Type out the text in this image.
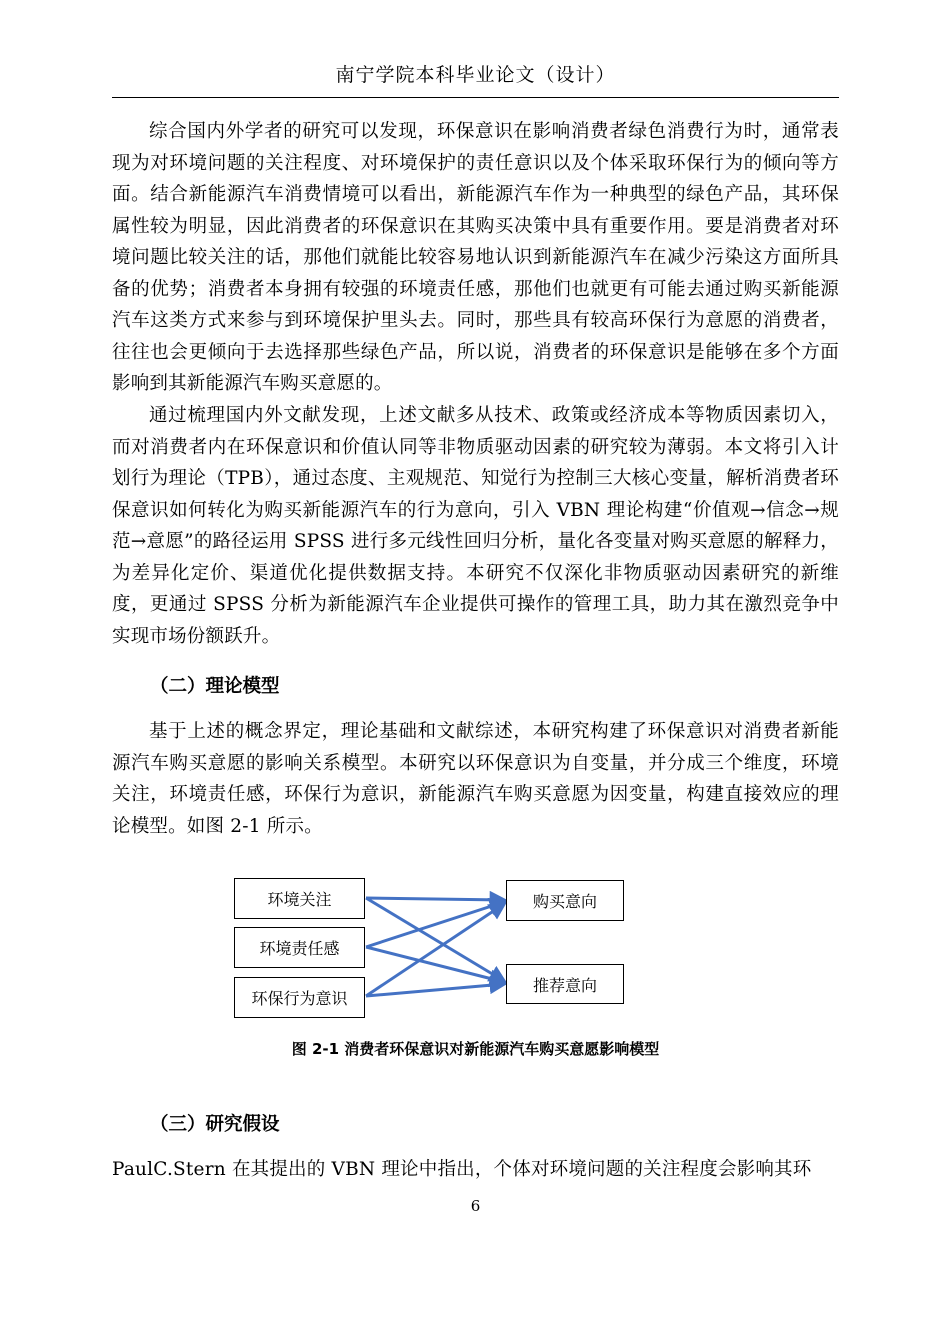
南宁学院本科毕业论文（设计）

综合国内外学者的研究可以发现，环保意识在影响消费者绿色消费行为时，通常表现为对环境问题的关注程度、对环境保护的责任意识以及个体采取环保行为的倾向等方面。结合新能源汽车消费情境可以看出，新能源汽车作为一种典型的绿色产品，其环保属性较为明显，因此消费者的环保意识在其购买决策中具有重要作用。要是消费者对环境问题比较关注的话，那他们就能比较容易地认识到新能源汽车在减少污染这方面所具备的优势；消费者本身拥有较强的环境责任感，那他们也就更有可能去通过购买新能源汽车这类方式来参与到环境保护里头去。同时，那些具有较高环保行为意愿的消费者，往往也会更倾向于去选择那些绿色产品，所以说，消费者的环保意识是能够在多个方面影响到其新能源汽车购买意愿的。

通过梳理国内外文献发现，上述文献多从技术、政策或经济成本等物质因素切入，而对消费者内在环保意识和价值认同等非物质驱动因素的研究较为薄弱。本文将引入计划行为理论（TPB），通过态度、主观规范、知觉行为控制三大核心变量，解析消费者环保意识如何转化为购买新能源汽车的行为意向，引入 VBN 理论构建“价值观→信念→规范→意愿”的路径运用 SPSS 进行多元线性回归分析，量化各变量对购买意愿的解释力，为差异化定价、渠道优化提供数据支持。本研究不仅深化非物质驱动因素研究的新维度，更通过 SPSS 分析为新能源汽车企业提供可操作的管理工具，助力其在激烈竞争中实现市场份额跃升。

（二）理论模型

基于上述的概念界定，理论基础和文献综述，本研究构建了环保意识对消费者新能源汽车购买意愿的影响关系模型。本研究以环保意识为自变量，并分成三个维度，环境关注，环境责任感，环保行为意识，新能源汽车购买意愿为因变量，构建直接效应的理论模型。如图 2-1 所示。

环境关注
环境责任感
环保行为意识
购买意向
推荐意向
图 2-1 消费者环保意识对新能源汽车购买意愿影响模型
（三）研究假设

PaulC.Stern 在其提出的 VBN 理论中指出，个体对环境问题的关注程度会影响其环

6
